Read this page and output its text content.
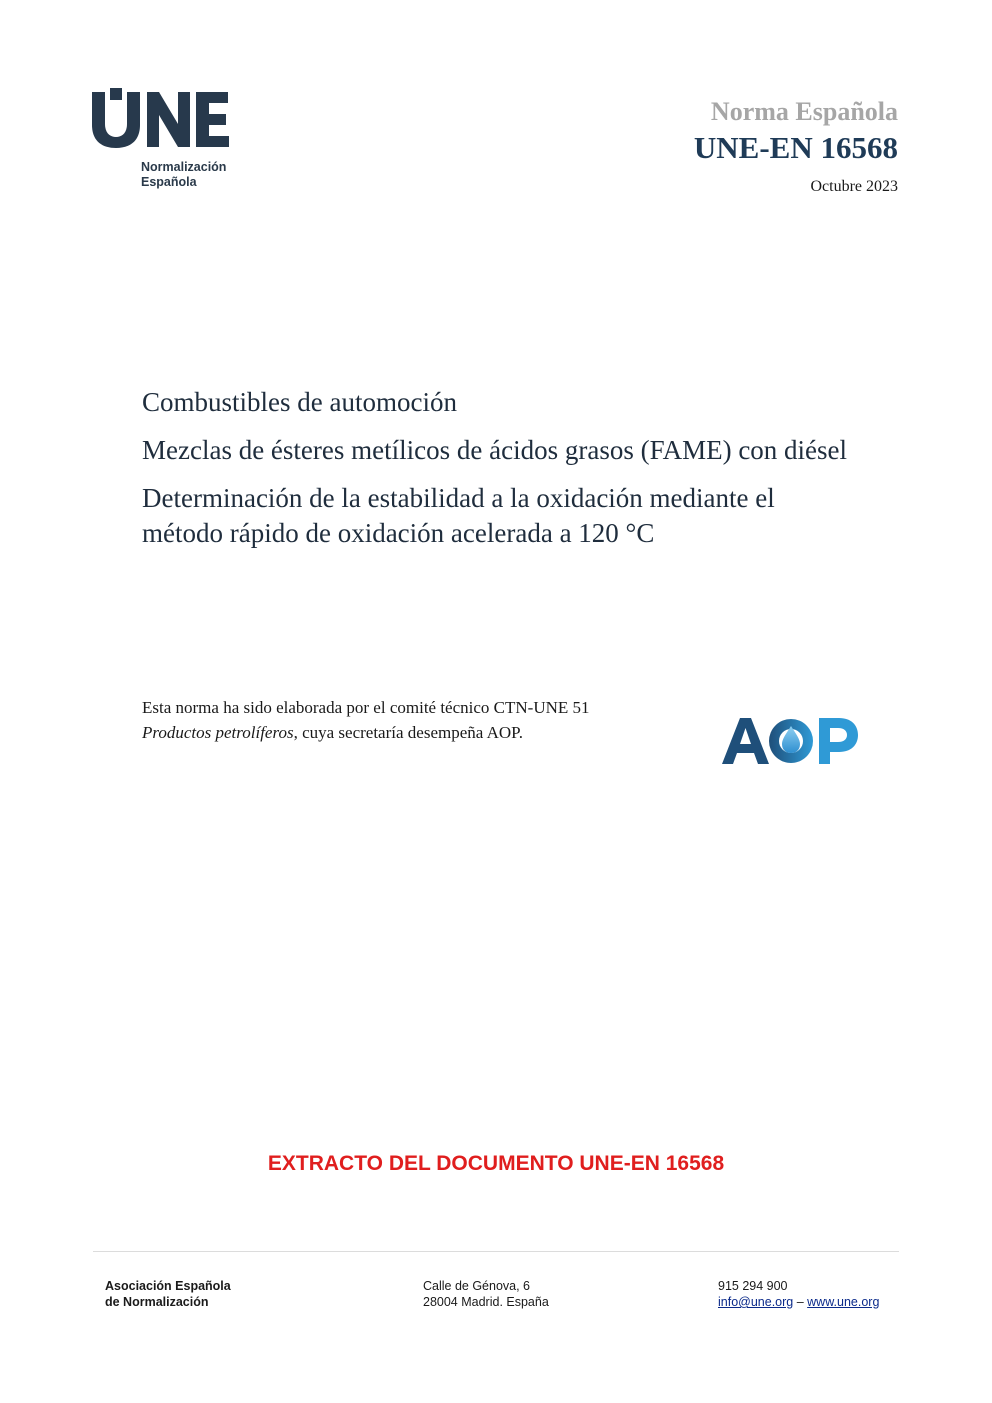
Normalización
Española
Norma Española
UNE-EN 16568
Octubre 2023

Combustibles de automoción

Mezclas de ésteres metílicos de ácidos grasos (FAME) con diésel

Determinación de la estabilidad a la oxidación mediante el método rápido de oxidación acelerada a 120 °C

Esta norma ha sido elaborada por el comité técnico CTN-UNE 51 Productos petrolíferos, cuya secretaría desempeña AOP.
EXTRACTO DEL DOCUMENTO UNE-EN 16568
Asociación Española
de Normalización
Calle de Génova, 6
28004 Madrid. España
915 294 900
info@une.org – www.une.org
